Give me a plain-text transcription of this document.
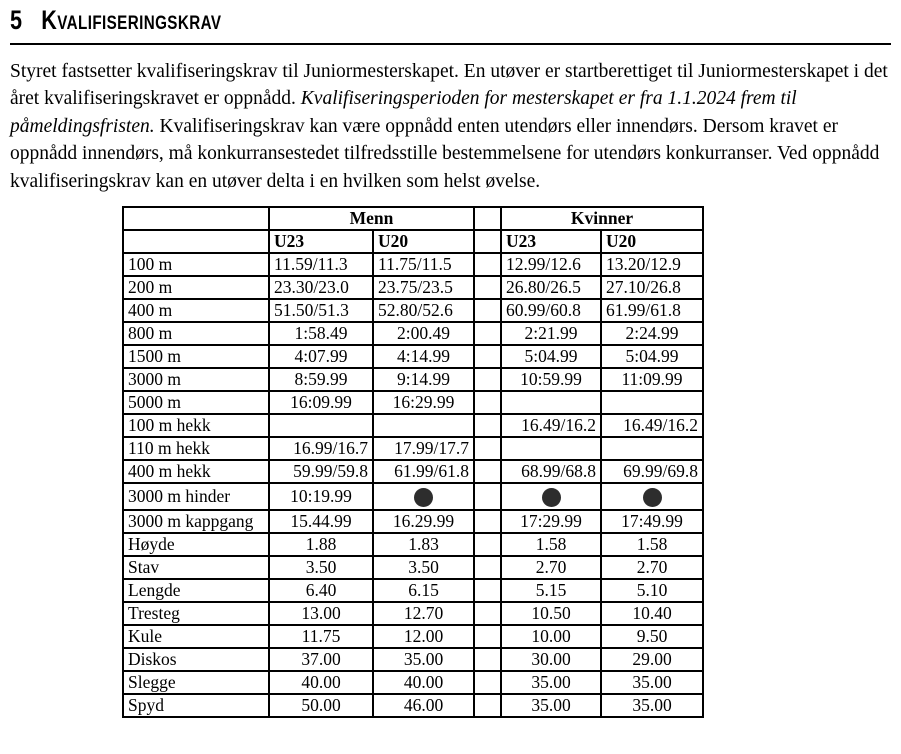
5 Kvalifiseringskrav

Styret fastsetter kvalifiseringskrav til Juniormesterskapet. En utøver er startberettiget til Juniormesterskapet i det året kvalifiseringskravet er oppnådd. Kvalifiseringsperioden for mesterskapet er fra 1.1.2024 frem til påmeldingsfristen. Kvalifiseringskrav kan være oppnådd enten utendørs eller innendørs. Dersom kravet er oppnådd innendørs, må konkurransestedet tilfredsstille bestemmelsene for utendørs konkurranser. Ved oppnådd kvalifiseringskrav kan en utøver delta i en hvilken som helst øvelse.

	Menn			Kvinner	
	U23	U20		U23	U20
100 m	11.59/11.3	11.75/11.5		12.99/12.6	13.20/12.9
200 m	23.30/23.0	23.75/23.5		26.80/26.5	27.10/26.8
400 m	51.50/51.3	52.80/52.6		60.99/60.8	61.99/61.8
800 m	1:58.49	2:00.49		2:21.99	2:24.99
1500 m	4:07.99	4:14.99		5:04.99	5:04.99
3000 m	8:59.99	9:14.99		10:59.99	11:09.99
5000 m	16:09.99	16:29.99			
100 m hekk				16.49/16.2	16.49/16.2
110 m hekk	16.99/16.7	17.99/17.7			
400 m hekk	59.99/59.8	61.99/61.8		68.99/68.8	69.99/69.8
3000 m hinder	10:19.99				
3000 m kappgang	15.44.99	16.29.99		17:29.99	17:49.99
Høyde	1.88	1.83		1.58	1.58
Stav	3.50	3.50		2.70	2.70
Lengde	6.40	6.15		5.15	5.10
Tresteg	13.00	12.70		10.50	10.40
Kule	11.75	12.00		10.00	9.50
Diskos	37.00	35.00		30.00	29.00
Slegge	40.00	40.00		35.00	35.00
Spyd	50.00	46.00		35.00	35.00
